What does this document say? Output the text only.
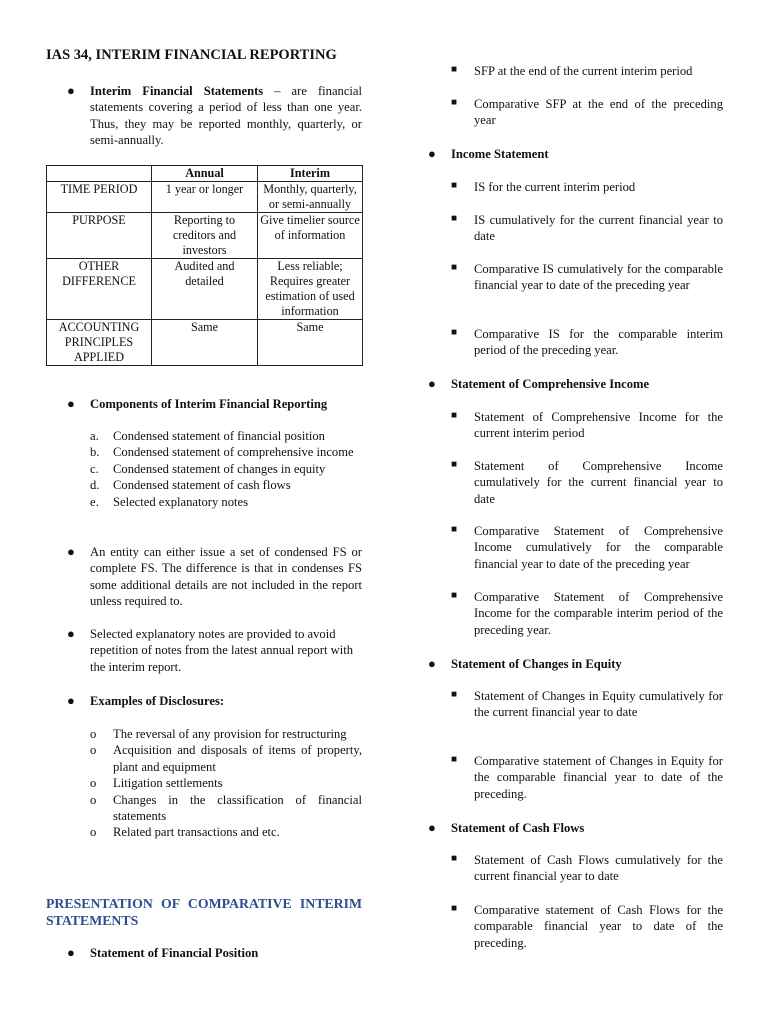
IAS 34, INTERIM FINANCIAL REPORTING
● Interim Financial Statements – are financial statements covering a period of less than one year. Thus, they may be reported monthly, quarterly, or semi-annually.
	Annual	Interim
TIME PERIOD	1 year or longer	Monthly, quarterly, or semi-annually
PURPOSE	Reporting to creditors and investors	Give timelier source of information
OTHER DIFFERENCE	Audited and detailed	Less reliable; Requires greater estimation of used information
ACCOUNTING PRINCIPLES APPLIED	Same	Same
● Components of Interim Financial Reporting
a. Condensed statement of financial position
b. Condensed statement of comprehensive income
c. Condensed statement of changes in equity
d. Condensed statement of cash flows
e. Selected explanatory notes
● An entity can either issue a set of condensed FS or complete FS. The difference is that in condenses FS some additional details are not included in the report unless required to.
● Selected explanatory notes are provided to avoid repetition of notes from the latest annual report with the interim report.
● Examples of Disclosures:
o The reversal of any provision for restructuring
o Acquisition and disposals of items of property, plant and equipment
o Litigation settlements
o Changes in the classification of financial statements
o Related part transactions and etc.
PRESENTATION OF COMPARATIVE INTERIM STATEMENTS
● Statement of Financial Position
■ SFP at the end of the current interim period
■ Comparative SFP at the end of the preceding year
● Income Statement
■ IS for the current interim period
■ IS cumulatively for the current financial year to date
■ Comparative IS cumulatively for the comparable financial year to date of the preceding year
■ Comparative IS for the comparable interim period of the preceding year.
● Statement of Comprehensive Income
■ Statement of Comprehensive Income for the current interim period
■ Statement of Comprehensive Income cumulatively for the current financial year to date
■ Comparative Statement of Comprehensive Income cumulatively for the comparable financial year to date of the preceding year
■ Comparative Statement of Comprehensive Income for the comparable interim period of the preceding year.
● Statement of Changes in Equity
■ Statement of Changes in Equity cumulatively for the current financial year to date
■ Comparative statement of Changes in Equity for the comparable financial year to date of the preceding.
● Statement of Cash Flows
■ Statement of Cash Flows cumulatively for the current financial year to date
■ Comparative statement of Cash Flows for the comparable financial year to date of the preceding.
